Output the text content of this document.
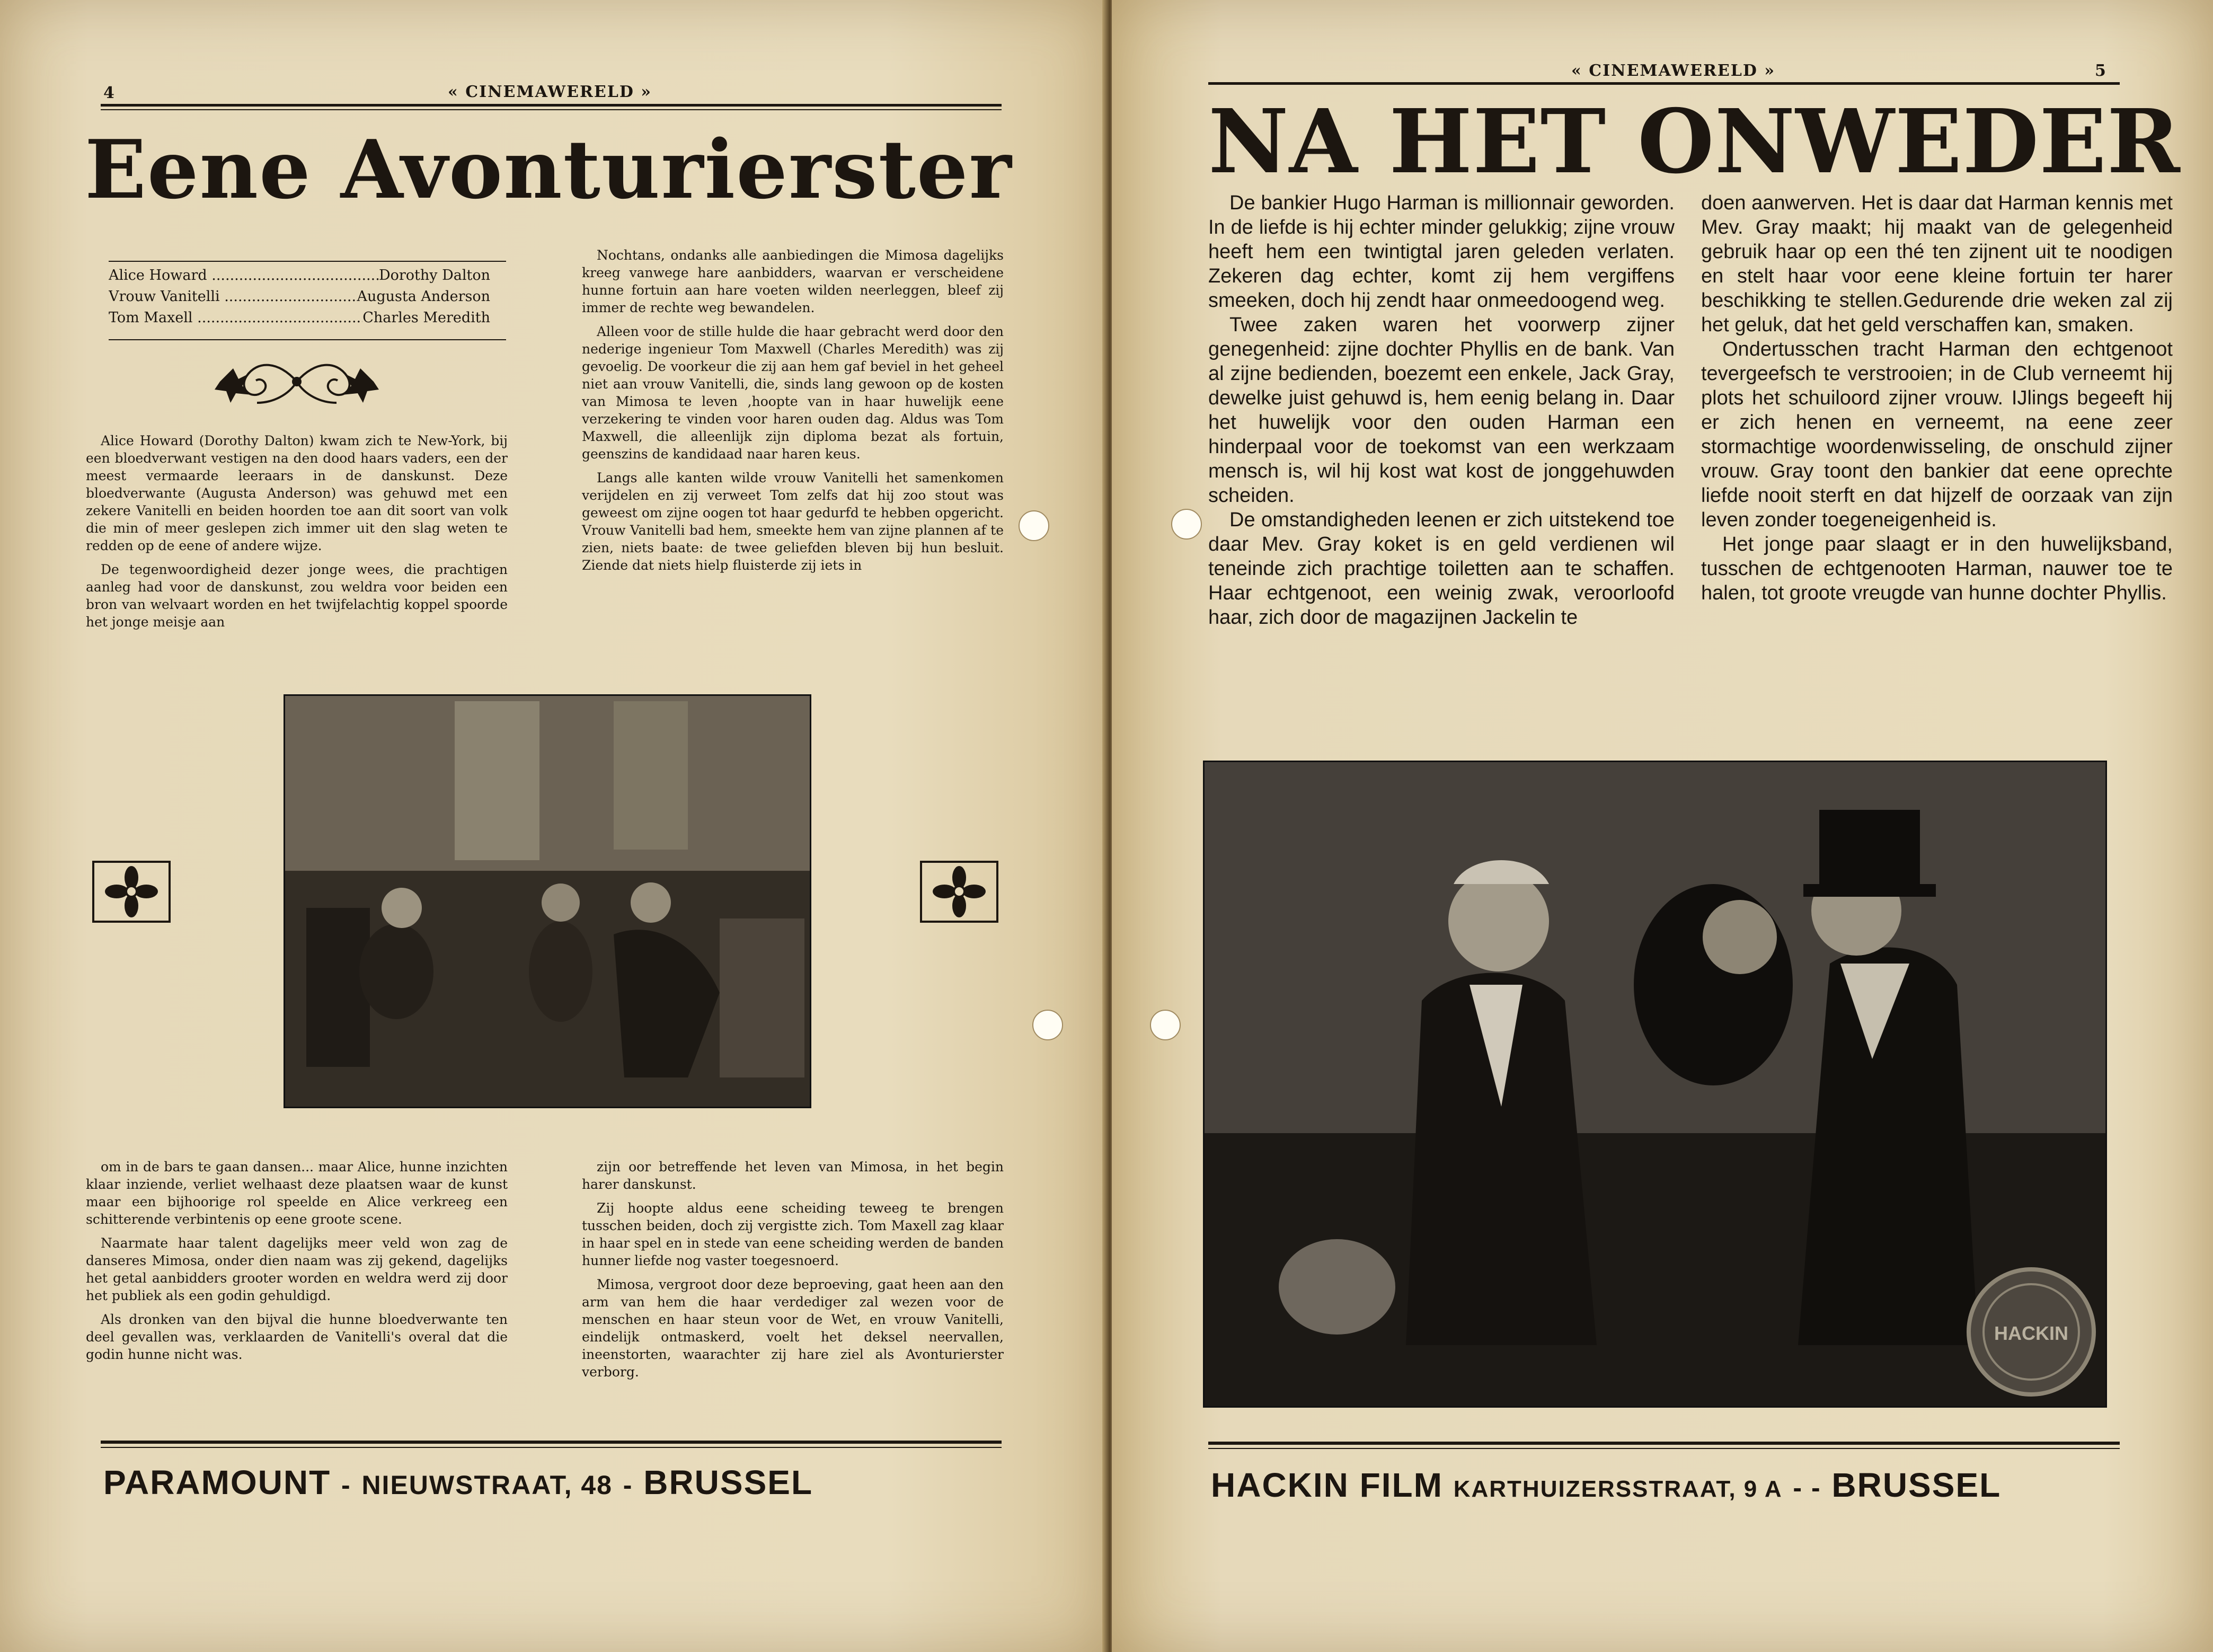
4	« CINEMAWERELD »
Eene Avonturierster
Alice Howard .....	Dorothy Dalton
Vrouw Vanitelli .....	Augusta Anderson
Tom Maxell .....	Charles Meredith

Alice Howard (Dorothy Dalton) kwam zich te New-York, bij een bloedverwant vestigen na den dood haars vaders, een der meest vermaarde leeraars in de danskunst. Deze bloedverwante (Augusta Anderson) was gehuwd met een zekere Vanitelli en beiden hoorden toe aan dit soort van volk die min of meer geslepen zich immer uit den slag weten te redden op de eene of andere wijze.

De tegenwoordigheid dezer jonge wees, die prachtigen aanleg had voor de danskunst, zou weldra voor beiden een bron van welvaart worden en het twijfelachtig koppel spoorde het jonge meisje aan

Nochtans, ondanks alle aanbiedingen die Mimosa dagelijks kreeg vanwege hare aanbidders, waarvan er verscheidene hunne fortuin aan hare voeten wilden neerleggen, bleef zij immer de rechte weg bewandelen.

Alleen voor de stille hulde die haar gebracht werd door den nederige ingenieur Tom Maxwell (Charles Meredith) was zij gevoelig. De voorkeur die zij aan hem gaf beviel in het geheel niet aan vrouw Vanitelli, die, sinds lang gewoon op de kosten van Mimosa te leven ,hoopte van in haar huwelijk eene verzekering te vinden voor haren ouden dag. Aldus was Tom Maxwell, die alleenlijk zijn diploma bezat als fortuin, geenszins de kandidaad naar haren keus.

Langs alle kanten wilde vrouw Vanitelli het samenkomen verijdelen en zij verweet Tom zelfs dat hij zoo stout was geweest om zijne oogen tot haar gedurfd te hebben opgericht. Vrouw Vanitelli bad hem, smeekte hem van zijne plannen af te zien, niets baate: de twee geliefden bleven bij hun besluit. Ziende dat niets hielp fluisterde zij iets in

om in de bars te gaan dansen... maar Alice, hunne inzichten klaar inziende, verliet welhaast deze plaatsen waar de kunst maar een bijhoorige rol speelde en Alice verkreeg een schitterende verbintenis op eene groote scene.

Naarmate haar talent dagelijks meer veld won zag de danseres Mimosa, onder dien naam was zij gekend, dagelijks het getal aanbidders grooter worden en weldra werd zij door het publiek als een godin gehuldigd.

Als dronken van den bijval die hunne bloedverwante ten deel gevallen was, verklaarden de Vanitelli's overal dat die godin hunne nicht was.

zijn oor betreffende het leven van Mimosa, in het begin harer danskunst.

Zij hoopte aldus eene scheiding teweeg te brengen tusschen beiden, doch zij vergistte zich. Tom Maxell zag klaar in haar spel en in stede van eene scheiding werden de banden hunner liefde nog vaster toegesnoerd.

Mimosa, vergroot door deze beproeving, gaat heen aan den arm van hem die haar verdediger zal wezen voor de menschen en haar steun voor de Wet, en vrouw Vanitelli, eindelijk ontmaskerd, voelt het deksel neervallen, ineenstorten, waarachter zij hare ziel als Avonturierster verborg.

PARAMOUNT - NIEUWSTRAAT, 48 - BRUSSEL
« CINEMAWERELD »	5
NA HET ONWEDER

De bankier Hugo Harman is millionnair geworden. In de liefde is hij echter minder gelukkig; zijne vrouw heeft hem een twintigtal jaren geleden verlaten. Zekeren dag echter, komt zij hem vergiffens smeeken, doch hij zendt haar onmeedoogend weg.

Twee zaken waren het voorwerp zijner genegenheid: zijne dochter Phyllis en de bank. Van al zijne bedienden, boezemt een enkele, Jack Gray, dewelke juist gehuwd is, hem eenig belang in. Daar het huwelijk voor den ouden Harman een hinderpaal voor de toekomst van een werkzaam mensch is, wil hij kost wat kost de jonggehuwden scheiden.

De omstandigheden leenen er zich uitstekend toe daar Mev. Gray koket is en geld verdienen wil teneinde zich prachtige toiletten aan te schaffen. Haar echtgenoot, een weinig zwak, veroorloofd haar, zich door de magazijnen Jackelin te

doen aanwerven. Het is daar dat Harman kennis met Mev. Gray maakt; hij maakt van de gelegenheid gebruik haar op een thé ten zijnent uit te noodigen en stelt haar voor eene kleine fortuin ter harer beschikking te stellen.Gedurende drie weken zal zij het geluk, dat het geld verschaffen kan, smaken.

Ondertusschen tracht Harman den echtgenoot tevergeefsch te verstrooien; in de Club verneemt hij plots het schuiloord zijner vrouw. IJlings begeeft hij er zich henen en verneemt, na eene zeer stormachtige woordenwisseling, de onschuld zijner vrouw. Gray toont den bankier dat eene oprechte liefde nooit sterft en dat hijzelf de oorzaak van zijn leven zonder toegeneigenheid is.

Het jonge paar slaagt er in den huwelijksband, tusschen de echtgenooten Harman, nauwer toe te halen, tot groote vreugde van hunne dochter Phyllis.

HACKIN
HACKIN FILM KARTHUIZERSSTRAAT, 9 A - - BRUSSEL
